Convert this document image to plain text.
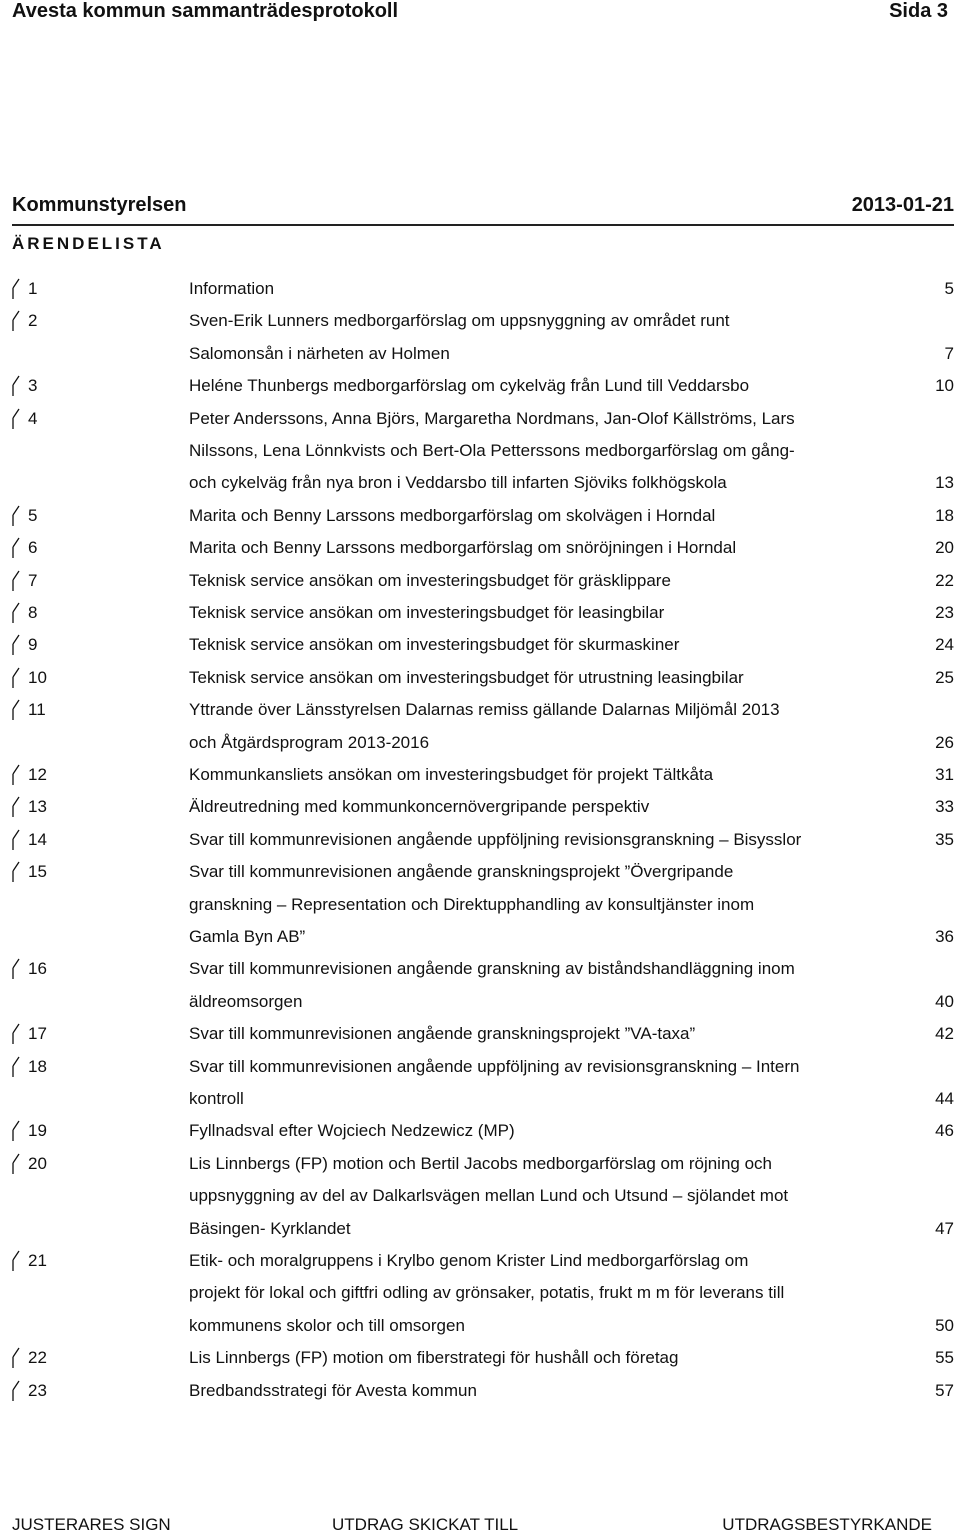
Avesta kommun sammanträdesprotokoll	Sida 3
Kommunstyrelsen	2013-01-21
ÄRENDELISTA
1	Information	5
2	Sven-Erik Lunners medborgarförslag om uppsnyggning av området runt
Salomonsån i närheten av Holmen	7
3	Heléne Thunbergs medborgarförslag om cykelväg från Lund till Veddarsbo	10
4	Peter Anderssons, Anna Björs, Margaretha Nordmans, Jan-Olof Källströms, Lars
Nilssons, Lena Lönnkvists och Bert-Ola Petterssons medborgarförslag om gång-
och cykelväg från nya bron i Veddarsbo till infarten Sjöviks folkhögskola	13
5	Marita och Benny Larssons medborgarförslag om skolvägen i Horndal	18
6	Marita och Benny Larssons medborgarförslag om snöröjningen i Horndal	20
7	Teknisk service ansökan om investeringsbudget för gräsklippare	22
8	Teknisk service ansökan om investeringsbudget för leasingbilar	23
9	Teknisk service ansökan om investeringsbudget för skurmaskiner	24
10	Teknisk service ansökan om investeringsbudget för utrustning leasingbilar	25
11	Yttrande över Länsstyrelsen Dalarnas remiss gällande Dalarnas Miljömål 2013
och Åtgärdsprogram 2013-2016	26
12	Kommunkansliets ansökan om investeringsbudget för projekt Tältkåta	31
13	Äldreutredning med kommunkoncernövergripande perspektiv	33
14	Svar till kommunrevisionen angående uppföljning revisionsgranskning – Bisysslor	35
15	Svar till kommunrevisionen angående granskningsprojekt ”Övergripande
granskning – Representation och Direktupphandling av konsultjänster inom
Gamla Byn AB”	36
16	Svar till kommunrevisionen angående granskning av biståndshandläggning inom
äldreomsorgen	40
17	Svar till kommunrevisionen angående granskningsprojekt ”VA-taxa”	42
18	Svar till kommunrevisionen angående uppföljning av revisionsgranskning – Intern
kontroll	44
19	Fyllnadsval efter Wojciech Nedzewicz (MP)	46
20	Lis Linnbergs (FP) motion och Bertil Jacobs medborgarförslag om röjning och
uppsnyggning av del av Dalkarlsvägen mellan Lund och Utsund – sjölandet mot
Bäsingen- Kyrklandet	47
21	Etik- och moralgruppens i Krylbo genom Krister Lind medborgarförslag om
projekt för lokal och giftfri odling av grönsaker, potatis, frukt m m för leverans till
kommunens skolor och till omsorgen	50
22	Lis Linnbergs (FP) motion om fiberstrategi för hushåll och företag	55
23	Bredbandsstrategi för Avesta kommun	57
JUSTERARES SIGN	UTDRAG SKICKAT TILL	UTDRAGSBESTYRKANDE
